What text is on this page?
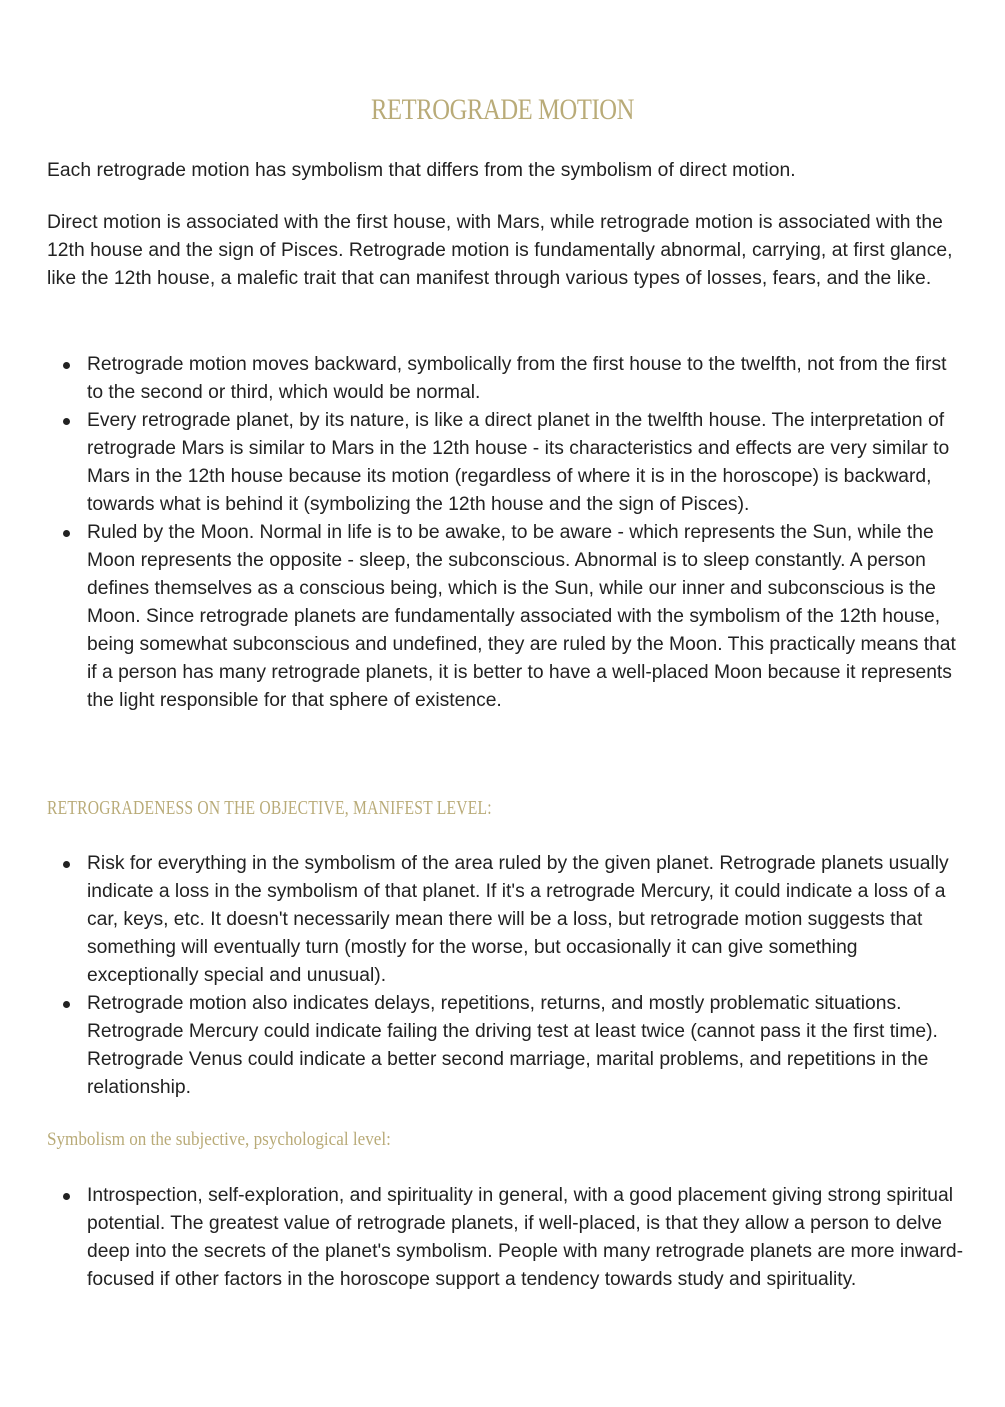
RETROGRADE MOTION

Each retrograde motion has symbolism that differs from the symbolism of direct motion.

Direct motion is associated with the first house, with Mars, while retrograde motion is associated with the 12th house and the sign of Pisces. Retrograde motion is fundamentally abnormal, carrying, at first glance, like the 12th house, a malefic trait that can manifest through various types of losses, fears, and the like.

Retrograde motion moves backward, symbolically from the first house to the twelfth, not from the first to the second or third, which would be normal.
Every retrograde planet, by its nature, is like a direct planet in the twelfth house. The interpretation of retrograde Mars is similar to Mars in the 12th house - its characteristics and effects are very similar to Mars in the 12th house because its motion (regardless of where it is in the horoscope) is backward, towards what is behind it (symbolizing the 12th house and the sign of Pisces).
Ruled by the Moon. Normal in life is to be awake, to be aware - which represents the Sun, while the Moon represents the opposite - sleep, the subconscious. Abnormal is to sleep constantly. A person defines themselves as a conscious being, which is the Sun, while our inner and subconscious is the Moon. Since retrograde planets are fundamentally associated with the symbolism of the 12th house, being somewhat subconscious and undefined, they are ruled by the Moon. This practically means that if a person has many retrograde planets, it is better to have a well-placed Moon because it represents the light responsible for that sphere of existence.
RETROGRADENESS ON THE OBJECTIVE, MANIFEST LEVEL:
Risk for everything in the symbolism of the area ruled by the given planet. Retrograde planets usually indicate a loss in the symbolism of that planet. If it's a retrograde Mercury, it could indicate a loss of a car, keys, etc. It doesn't necessarily mean there will be a loss, but retrograde motion suggests that something will eventually turn (mostly for the worse, but occasionally it can give something exceptionally special and unusual).
Retrograde motion also indicates delays, repetitions, returns, and mostly problematic situations. Retrograde Mercury could indicate failing the driving test at least twice (cannot pass it the first time). Retrograde Venus could indicate a better second marriage, marital problems, and repetitions in the relationship.
Symbolism on the subjective, psychological level:
Introspection, self-exploration, and spirituality in general, with a good placement giving strong spiritual potential. The greatest value of retrograde planets, if well-placed, is that they allow a person to delve deep into the secrets of the planet's symbolism. People with many retrograde planets are more inward-focused if other factors in the horoscope support a tendency towards study and spirituality.
